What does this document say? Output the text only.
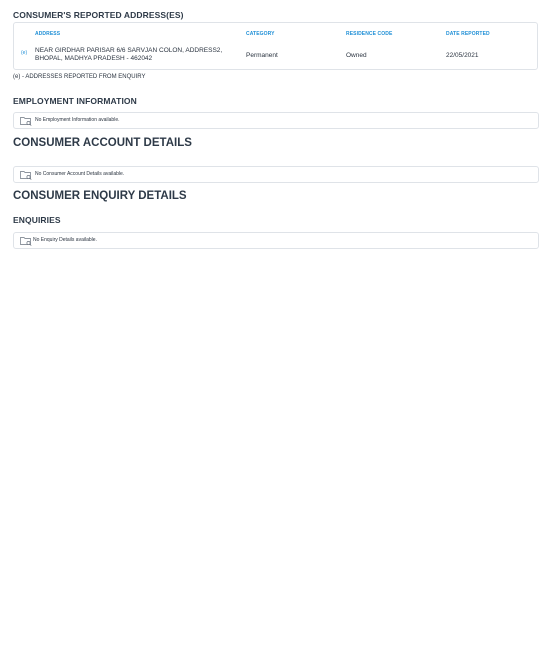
CONSUMER'S REPORTED ADDRESS(ES)
ADDRESS	CATEGORY	RESIDENCE CODE	DATE REPORTED
(e) NEAR GIRDHAR PARISAR 6/6 SARVJAN COLON, ADDRESS2,
BHOPAL, MADHYA PRADESH - 462042	Permanent	Owned	22/05/2021
(e) - ADDRESSES REPORTED FROM ENQUIRY
EMPLOYMENT INFORMATION
No Employment Information available.
CONSUMER ACCOUNT DETAILS
No Consumer Account Details available.
CONSUMER ENQUIRY DETAILS
ENQUIRIES
No Enquiry Details available.
